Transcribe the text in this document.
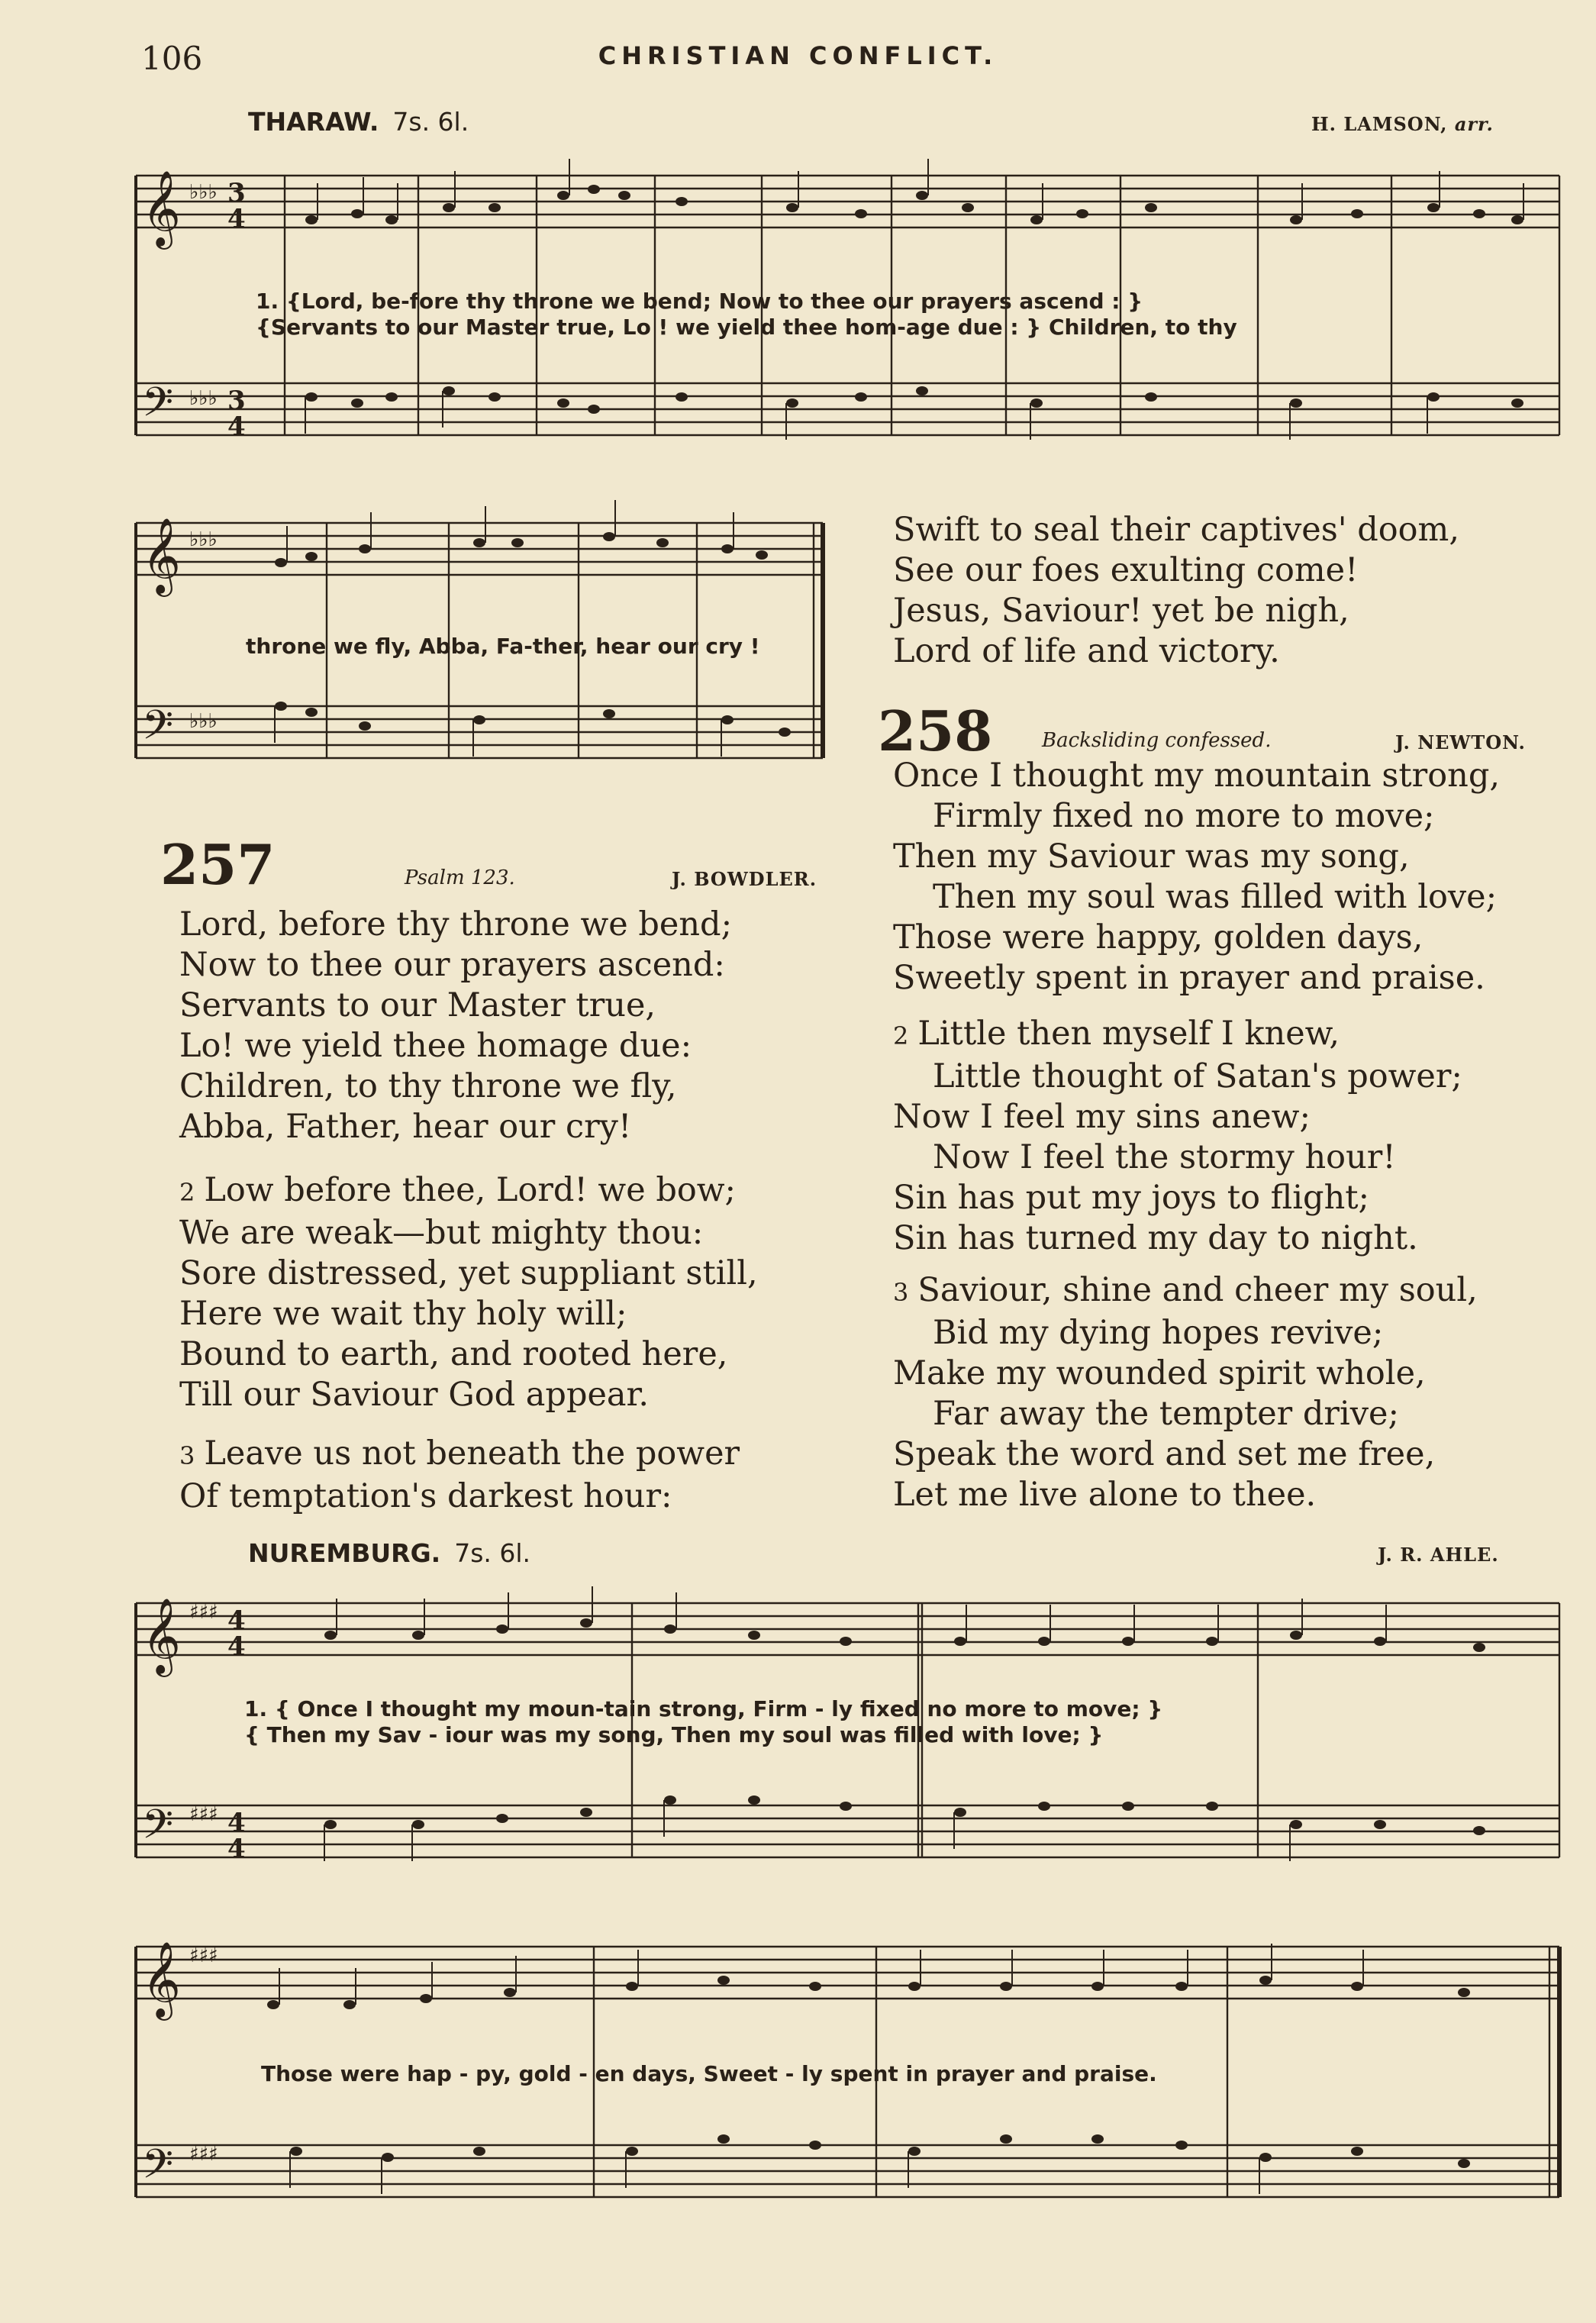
106	CHRISTIAN CONFLICT.
THARAW. 7s. 6l.	H. LAMSON, arr.
𝄞
𝄢
♭♭♭
♭♭♭
3
4
3
4
1. {Lord, be-fore thy throne we bend; Now to thee our prayers ascend : }
{Servants to our Master true, Lo ! we yield thee hom-age due : } Children, to thy
𝄞
𝄢
♭♭♭
♭♭♭
throne we fly, Abba, Fa-ther, hear our cry !
257	Psalm 123.	J. BOWDLER.
Lord, before thy throne we bend;
Now to thee our prayers ascend:
Servants to our Master true,
Lo! we yield thee homage due:
Children, to thy throne we fly,
Abba, Father, hear our cry!
2 Low before thee, Lord! we bow;
We are weak—but mighty thou:
Sore distressed, yet suppliant still,
Here we wait thy holy will;
Bound to earth, and rooted here,
Till our Saviour God appear.
3 Leave us not beneath the power
Of temptation's darkest hour:
Swift to seal their captives' doom,
See our foes exulting come!
Jesus, Saviour! yet be nigh,
Lord of life and victory.
258 Backsliding confessed.	J. NEWTON.
Once I thought my mountain strong,
Firmly fixed no more to move;
Then my Saviour was my song,
Then my soul was filled with love;
Those were happy, golden days,
Sweetly spent in prayer and praise.
2 Little then myself I knew,
Little thought of Satan's power;
Now I feel my sins anew;
Now I feel the stormy hour!
Sin has put my joys to flight;
Sin has turned my day to night.
3 Saviour, shine and cheer my soul,
Bid my dying hopes revive;
Make my wounded spirit whole,
Far away the tempter drive;
Speak the word and set me free,
Let me live alone to thee.
NUREMBURG. 7s. 6l.	J. R. AHLE.
𝄞
𝄢
♯♯♯
♯♯♯
4
4
4
4
1. { Once I thought my moun-tain strong, Firm - ly fixed no more to move; }
{ Then my Sav - iour was my song, Then my soul was filled with love; }
𝄞
𝄢
♯♯♯
♯♯♯
Those were hap - py, gold - en days, Sweet - ly spent in prayer and praise.
